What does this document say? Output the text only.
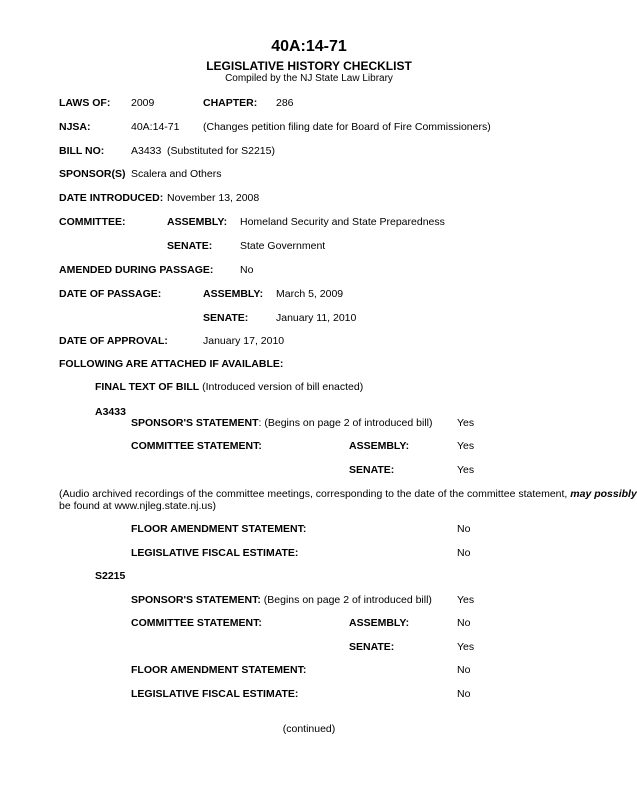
40A:14-71
LEGISLATIVE HISTORY CHECKLIST
Compiled by the NJ State Law Library
LAWS OF: 2009	CHAPTER: 286
NJSA:	40A:14-71 (Changes petition filing date for Board of Fire Commissioners)
BILL NO:	A3433 (Substituted for S2215)
SPONSOR(S) Scalera and Others
DATE INTRODUCED: November 13, 2008
COMMITTEE:	ASSEMBLY: Homeland Security and State Preparedness
SENATE:	State Government
AMENDED DURING PASSAGE:	No
DATE OF PASSAGE:	ASSEMBLY: March 5, 2009
SENATE:	January 11, 2010
DATE OF APPROVAL:	January 17, 2010
FOLLOWING ARE ATTACHED IF AVAILABLE:
FINAL TEXT OF BILL (Introduced version of bill enacted)
A3433
SPONSOR'S STATEMENT: (Begins on page 2 of introduced bill) Yes
COMMITTEE STATEMENT:	ASSEMBLY:	Yes
SENATE:	Yes
(Audio archived recordings of the committee meetings, corresponding to the date of the committee statement, may possibly
be found at www.njleg.state.nj.us)
FLOOR AMENDMENT STATEMENT:	No
LEGISLATIVE FISCAL ESTIMATE:	No
S2215
SPONSOR'S STATEMENT: (Begins on page 2 of introduced bill) Yes
COMMITTEE STATEMENT:	ASSEMBLY:	No
SENATE:	Yes
FLOOR AMENDMENT STATEMENT:	No
LEGISLATIVE FISCAL ESTIMATE:	No
(continued)
